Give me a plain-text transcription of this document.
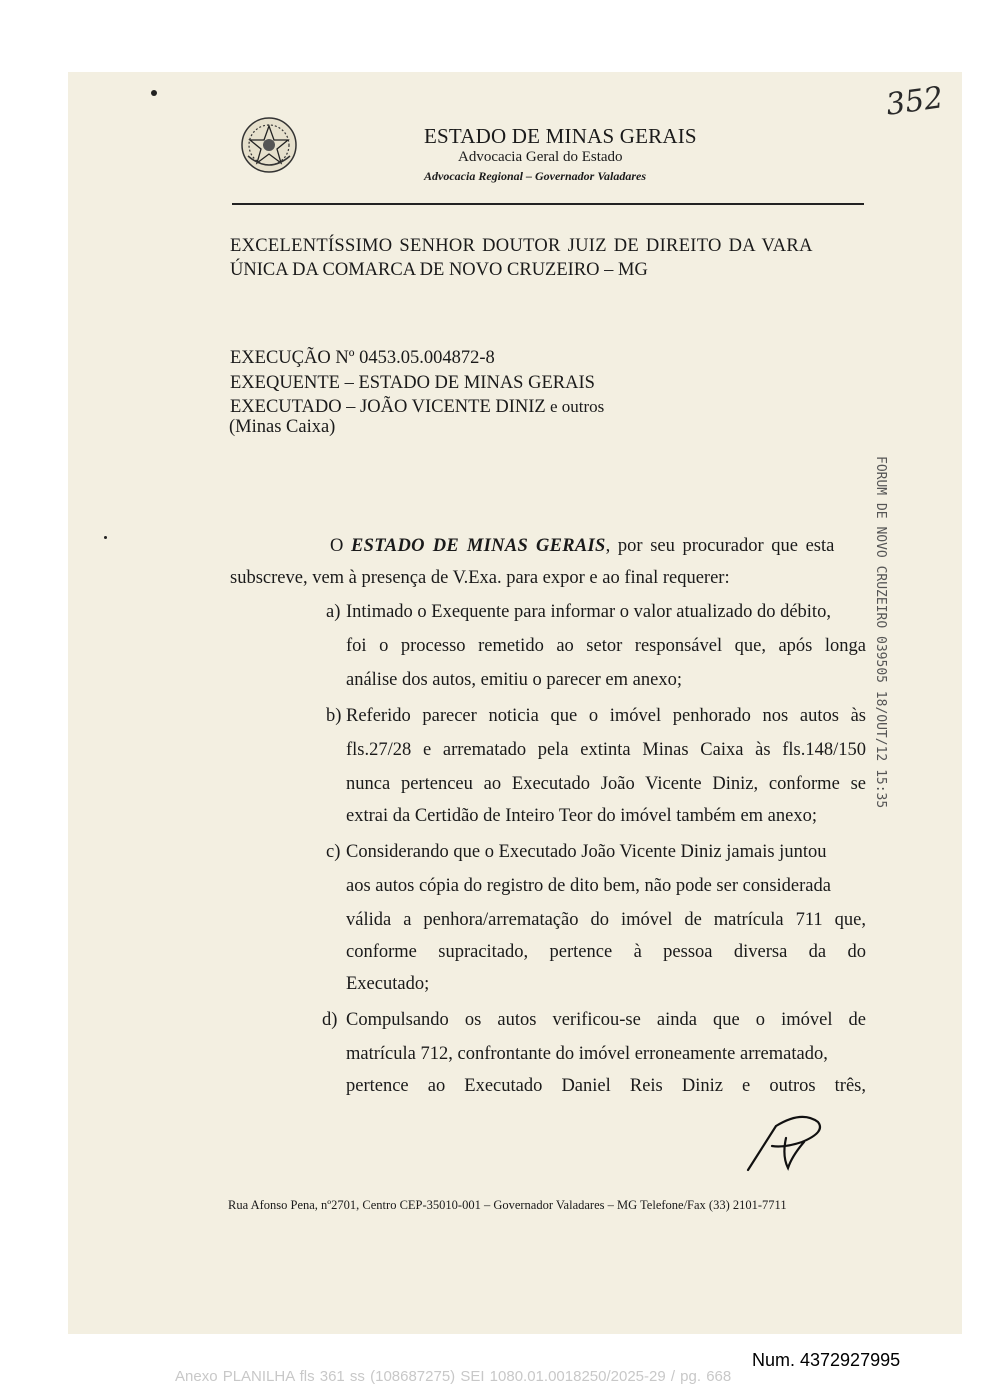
ESTADO DE MINAS GERAIS
Advocacia Geral do Estado
Advocacia Regional – Governador Valadares
352
EXCELENTÍSSIMO SENHOR DOUTOR JUIZ DE DIREITO DA VARA
ÚNICA DA COMARCA DE NOVO CRUZEIRO – MG
EXECUÇÃO Nº 0453.05.004872-8
EXEQUENTE – ESTADO DE MINAS GERAIS
EXECUTADO – JOÃO VICENTE DINIZ e outros
(Minas Caixa)
O ESTADO DE MINAS GERAIS, por seu procurador que esta
subscreve, vem à presença de V.Exa. para expor e ao final requerer:
a) Intimado o Exequente para informar o valor atualizado do débito,
foi o processo remetido ao setor responsável que, após longa
análise dos autos, emitiu o parecer em anexo;
b) Referido parecer noticia que o imóvel penhorado nos autos às
fls.27/28 e arrematado pela extinta Minas Caixa às fls.148/150
nunca pertenceu ao Executado João Vicente Diniz, conforme se
extrai da Certidão de Inteiro Teor do imóvel também em anexo;
c) Considerando que o Executado João Vicente Diniz jamais juntou
aos autos cópia do registro de dito bem, não pode ser considerada
válida a penhora/arrematação do imóvel de matrícula 711 que,
conforme supracitado, pertence à pessoa diversa da do
Executado;
d) Compulsando os autos verificou-se ainda que o imóvel de
matrícula 712, confrontante do imóvel erroneamente arrematado,
pertence ao Executado Daniel Reis Diniz e outros três,
FORUM DE NOVO CRUZEIRO 039505 18/OUT/12 15:35
Rua Afonso Pena, nº2701, Centro CEP-35010-001 – Governador Valadares – MG Telefone/Fax (33) 2101-7711
Num. 4372927995
Anexo PLANILHA fls 361 ss (108687275) SEI 1080.01.0018250/2025-29 / pg. 668
